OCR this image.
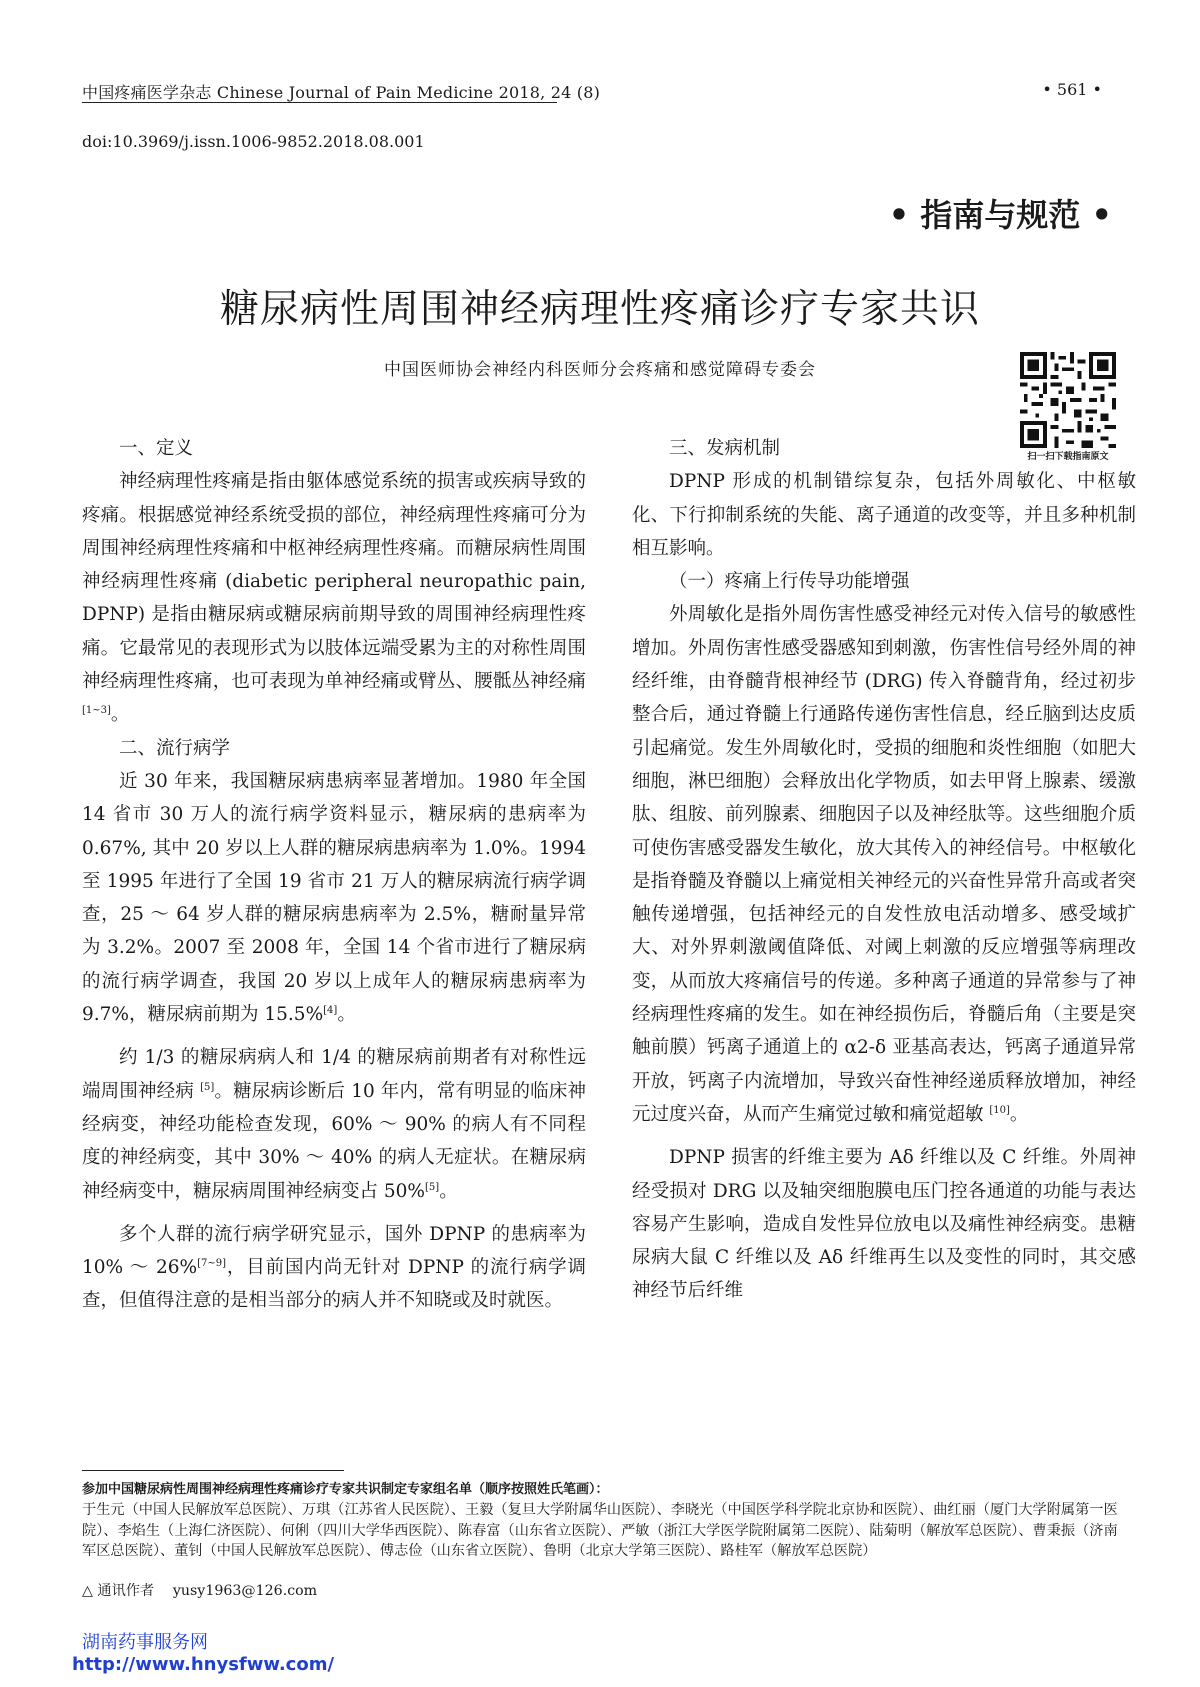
中国疼痛医学杂志 Chinese Journal of Pain Medicine 2018, 24 (8)	• 561 •
doi:10.3969/j.issn.1006-9852.2018.08.001
• 指南与规范 •
糖尿病性周围神经病理性疼痛诊疗专家共识
中国医师协会神经内科医师分会疼痛和感觉障碍专委会
扫一扫下载指南原文

一、定义

神经病理性疼痛是指由躯体感觉系统的损害或疾病导致的疼痛。根据感觉神经系统受损的部位，神经病理性疼痛可分为周围神经病理性疼痛和中枢神经病理性疼痛。而糖尿病性周围神经病理性疼痛 (diabetic peripheral neuropathic pain, DPNP) 是指由糖尿病或糖尿病前期导致的周围神经病理性疼痛。它最常见的表现形式为以肢体远端受累为主的对称性周围神经病理性疼痛，也可表现为单神经痛或臂丛、腰骶丛神经痛[1~3]。

二、流行病学

近 30 年来，我国糖尿病患病率显著增加。1980 年全国 14 省市 30 万人的流行病学资料显示，糖尿病的患病率为 0.67%, 其中 20 岁以上人群的糖尿病患病率为 1.0%。1994 至 1995 年进行了全国 19 省市 21 万人的糖尿病流行病学调查，25 ～ 64 岁人群的糖尿病患病率为 2.5%，糖耐量异常为 3.2%。2007 至 2008 年，全国 14 个省市进行了糖尿病的流行病学调查，我国 20 岁以上成年人的糖尿病患病率为 9.7%，糖尿病前期为 15.5%[4]。

约 1/3 的糖尿病病人和 1/4 的糖尿病前期者有对称性远端周围神经病 [5]。糖尿病诊断后 10 年内，常有明显的临床神经病变，神经功能检查发现，60% ～ 90% 的病人有不同程度的神经病变，其中 30% ～ 40% 的病人无症状。在糖尿病神经病变中，糖尿病周围神经病变占 50%[5]。

多个人群的流行病学研究显示，国外 DPNP 的患病率为 10% ～ 26%[7~9]，目前国内尚无针对 DPNP 的流行病学调查，但值得注意的是相当部分的病人并不知晓或及时就医。

三、发病机制

DPNP 形成的机制错综复杂，包括外周敏化、中枢敏化、下行抑制系统的失能、离子通道的改变等，并且多种机制相互影响。

（一）疼痛上行传导功能增强

外周敏化是指外周伤害性感受神经元对传入信号的敏感性增加。外周伤害性感受器感知到刺激，伤害性信号经外周的神经纤维，由脊髓背根神经节 (DRG) 传入脊髓背角，经过初步整合后，通过脊髓上行通路传递伤害性信息，经丘脑到达皮质引起痛觉。发生外周敏化时，受损的细胞和炎性细胞（如肥大细胞，淋巴细胞）会释放出化学物质，如去甲肾上腺素、缓激肽、组胺、前列腺素、细胞因子以及神经肽等。这些细胞介质可使伤害感受器发生敏化，放大其传入的神经信号。中枢敏化是指脊髓及脊髓以上痛觉相关神经元的兴奋性异常升高或者突触传递增强，包括神经元的自发性放电活动增多、感受域扩大、对外界刺激阈值降低、对阈上刺激的反应增强等病理改变，从而放大疼痛信号的传递。多种离子通道的异常参与了神经病理性疼痛的发生。如在神经损伤后，脊髓后角（主要是突触前膜）钙离子通道上的 α2-δ 亚基高表达，钙离子通道异常开放，钙离子内流增加，导致兴奋性神经递质释放增加，神经元过度兴奋，从而产生痛觉过敏和痛觉超敏 [10]。

DPNP 损害的纤维主要为 Aδ 纤维以及 C 纤维。外周神经受损对 DRG 以及轴突细胞膜电压门控各通道的功能与表达容易产生影响，造成自发性异位放电以及痛性神经病变。患糖尿病大鼠 C 纤维以及 Aδ 纤维再生以及变性的同时，其交感神经节后纤维

参加中国糖尿病性周围神经病理性疼痛诊疗专家共识制定专家组名单（顺序按照姓氏笔画）：
于生元（中国人民解放军总医院）、万琪（江苏省人民医院）、王毅（复旦大学附属华山医院）、李晓光（中国医学科学院北京协和医院）、曲红丽（厦门大学附属第一医院）、李焰生（上海仁济医院）、何俐（四川大学华西医院）、陈春富（山东省立医院）、严敏（浙江大学医学院附属第二医院）、陆菊明（解放军总医院）、曹秉振（济南军区总医院）、董钊（中国人民解放军总医院）、傅志俭（山东省立医院）、鲁明（北京大学第三医院）、路桂军（解放军总医院）
△ 通讯作者　 yusy1963@126.com
湖南药事服务网
http://www.hnysfww.com/
